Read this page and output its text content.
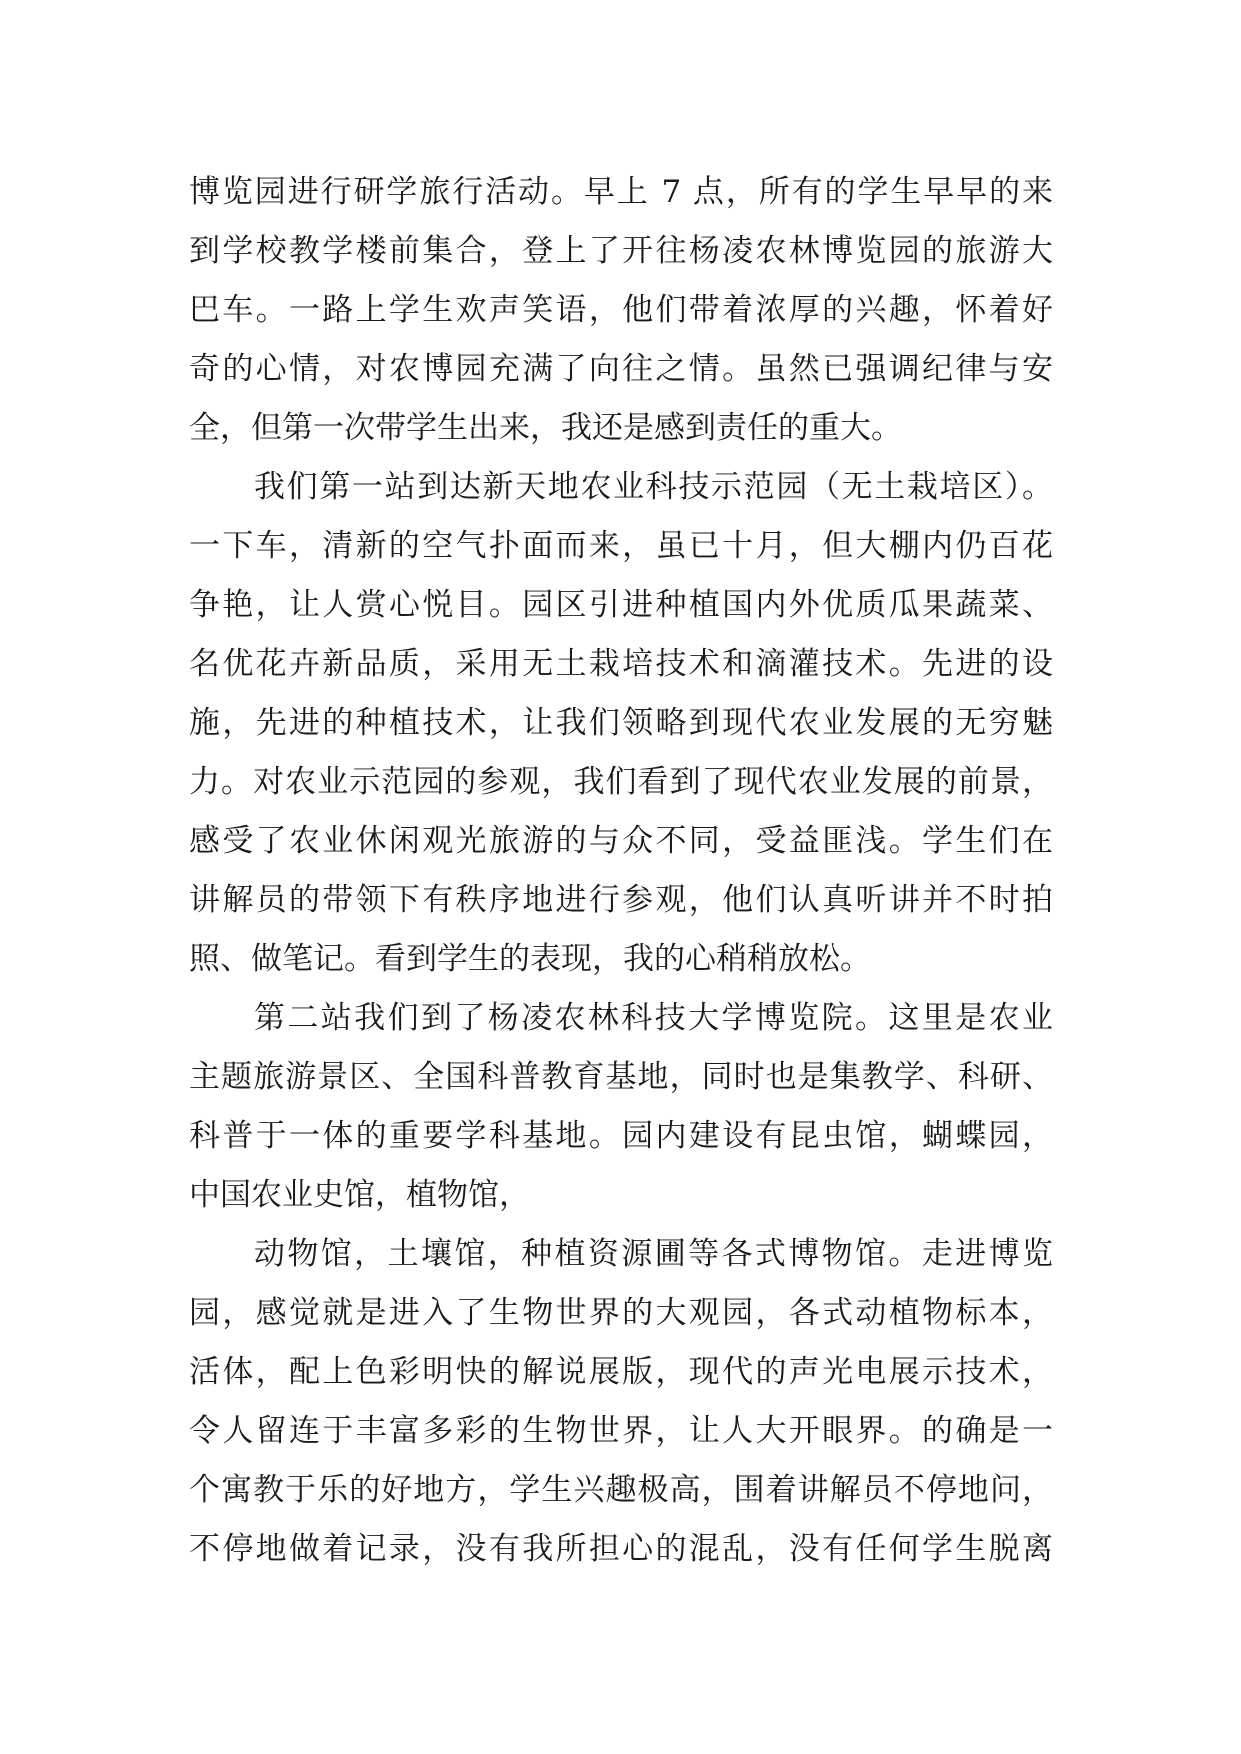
博览园进行研学旅行活动。早上 7 点，所有的学生早早的来
到学校教学楼前集合，登上了开往杨凌农林博览园的旅游大
巴车。一路上学生欢声笑语，他们带着浓厚的兴趣，怀着好
奇的心情，对农博园充满了向往之情。虽然已强调纪律与安
全，但第一次带学生出来，我还是感到责任的重大。
我们第一站到达新天地农业科技示范园（无土栽培区）。
一下车，清新的空气扑面而来，虽已十月，但大棚内仍百花
争艳，让人赏心悦目。园区引进种植国内外优质瓜果蔬菜、
名优花卉新品质，采用无土栽培技术和滴灌技术。先进的设
施，先进的种植技术，让我们领略到现代农业发展的无穷魅
力。对农业示范园的参观，我们看到了现代农业发展的前景，
感受了农业休闲观光旅游的与众不同，受益匪浅。学生们在
讲解员的带领下有秩序地进行参观，他们认真听讲并不时拍
照、做笔记。看到学生的表现，我的心稍稍放松。
第二站我们到了杨凌农林科技大学博览院。这里是农业
主题旅游景区、全国科普教育基地，同时也是集教学、科研、
科普于一体的重要学科基地。园内建设有昆虫馆，蝴蝶园，
中国农业史馆，植物馆，
动物馆，土壤馆，种植资源圃等各式博物馆。走进博览
园，感觉就是进入了生物世界的大观园，各式动植物标本，
活体，配上色彩明快的解说展版，现代的声光电展示技术，
令人留连于丰富多彩的生物世界，让人大开眼界。的确是一
个寓教于乐的好地方，学生兴趣极高，围着讲解员不停地问，
不停地做着记录，没有我所担心的混乱，没有任何学生脱离
